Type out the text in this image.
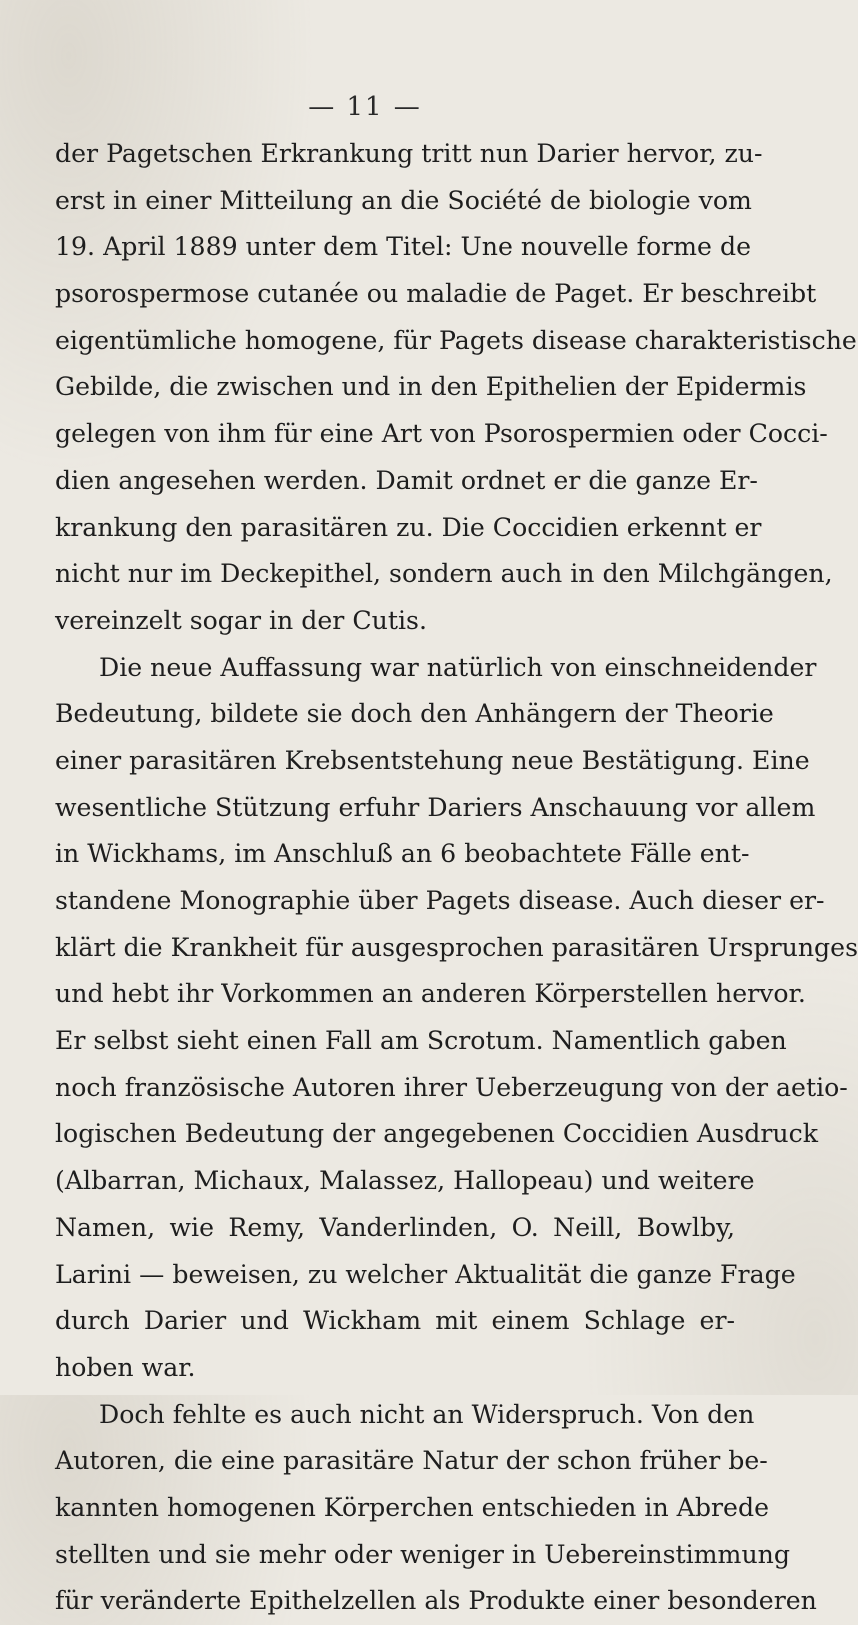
— 11 —
der Pagetschen Erkrankung tritt nun Darier hervor, zu-
erst in einer Mitteilung an die Société de biologie vom
19. April 1889 unter dem Titel: Une nouvelle forme de
psorospermose cutanée ou maladie de Paget. Er beschreibt
eigentümliche homogene, für Pagets disease charakteristische
Gebilde, die zwischen und in den Epithelien der Epidermis
gelegen von ihm für eine Art von Psorospermien oder Cocci-
dien angesehen werden. Damit ordnet er die ganze Er-
krankung den parasitären zu. Die Coccidien erkennt er
nicht nur im Deckepithel, sondern auch in den Milchgängen,
vereinzelt sogar in der Cutis.
Die neue Auffassung war natürlich von einschneidender
Bedeutung, bildete sie doch den Anhängern der Theorie
einer parasitären Krebsentstehung neue Bestätigung. Eine
wesentliche Stützung erfuhr Dariers Anschauung vor allem
in Wickhams, im Anschluß an 6 beobachtete Fälle ent-
standene Monographie über Pagets disease. Auch dieser er-
klärt die Krankheit für ausgesprochen parasitären Ursprunges
und hebt ihr Vorkommen an anderen Körperstellen hervor.
Er selbst sieht einen Fall am Scrotum. Namentlich gaben
noch französische Autoren ihrer Ueberzeugung von der aetio-
logischen Bedeutung der angegebenen Coccidien Ausdruck
(Albarran, Michaux, Malassez, Hallopeau) und weitere
Namen, wie Remy, Vanderlinden, O. Neill, Bowlby,
Larini — beweisen, zu welcher Aktualität die ganze Frage
durch Darier und Wickham mit einem Schlage er-
hoben war.
Doch fehlte es auch nicht an Widerspruch. Von den
Autoren, die eine parasitäre Natur der schon früher be-
kannten homogenen Körperchen entschieden in Abrede
stellten und sie mehr oder weniger in Uebereinstimmung
für veränderte Epithelzellen als Produkte einer besonderen
